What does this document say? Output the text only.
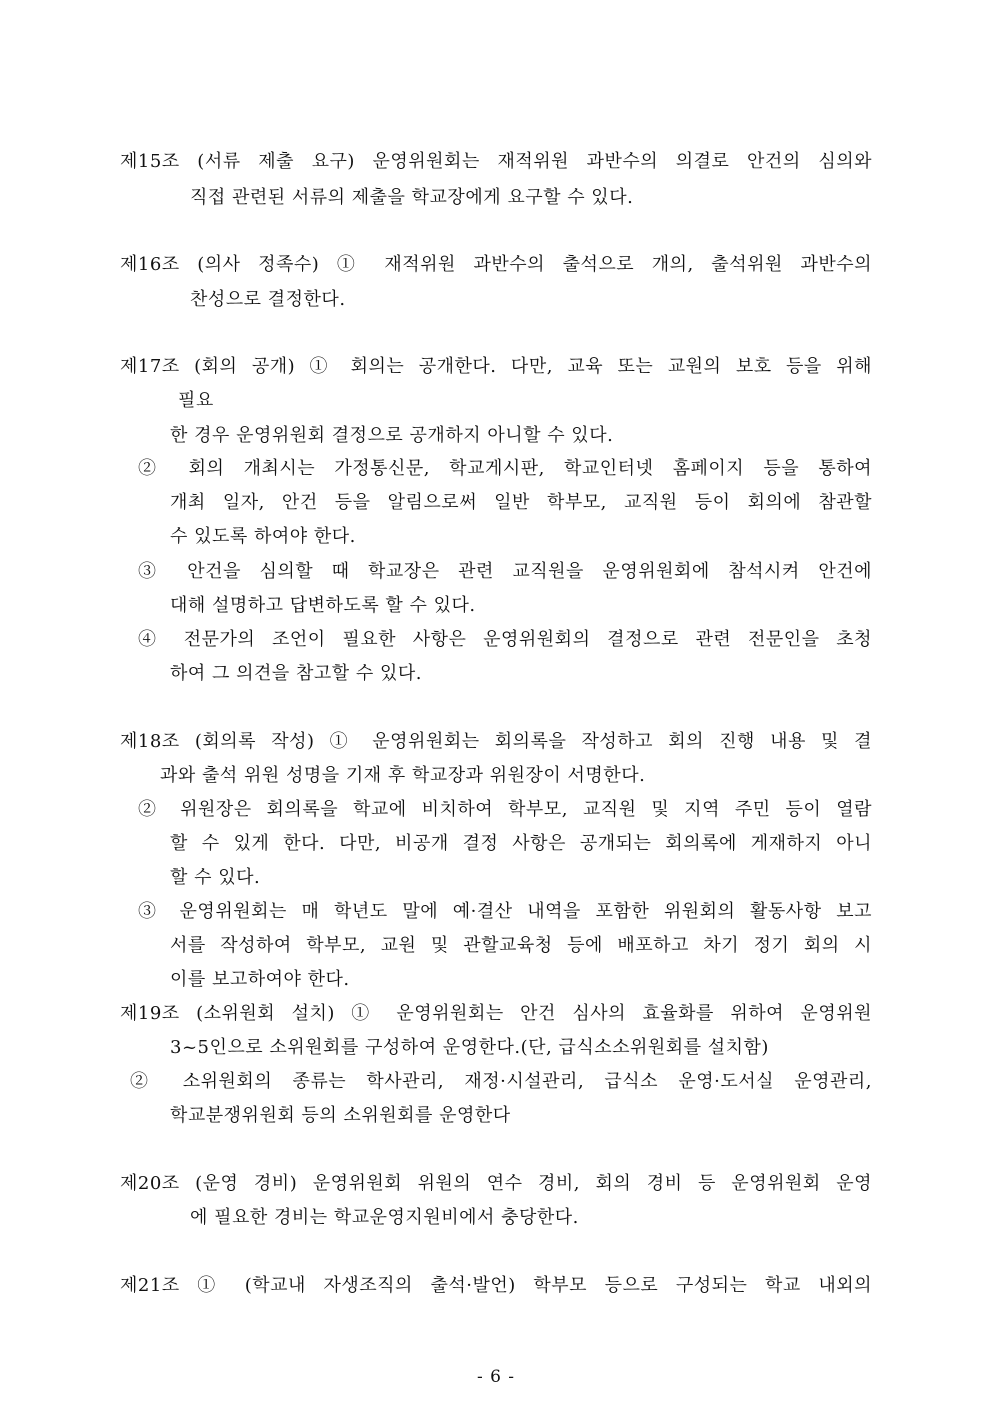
제15조 (서류 제출 요구) 운영위원회는 재적위원 과반수의 의결로 안건의 심의와
직접 관련된 서류의 제출을 학교장에게 요구할 수 있다.
제16조 (의사 정족수) ① 재적위원 과반수의 출석으로 개의, 출석위원 과반수의
찬성으로 결정한다.
제17조 (회의 공개) ① 회의는 공개한다. 다만, 교육 또는 교원의 보호 등을 위해
필요
한 경우 운영위원회 결정으로 공개하지 아니할 수 있다.
② 회의 개최시는 가정통신문, 학교게시판, 학교인터넷 홈페이지 등을 통하여
개최 일자, 안건 등을 알림으로써 일반 학부모, 교직원 등이 회의에 참관할
수 있도록 하여야 한다.
③ 안건을 심의할 때 학교장은 관련 교직원을 운영위원회에 참석시켜 안건에
대해 설명하고 답변하도록 할 수 있다.
④ 전문가의 조언이 필요한 사항은 운영위원회의 결정으로 관련 전문인을 초청
하여 그 의견을 참고할 수 있다.
제18조 (회의록 작성) ① 운영위원회는 회의록을 작성하고 회의 진행 내용 및 결
과와 출석 위원 성명을 기재 후 학교장과 위원장이 서명한다.
② 위원장은 회의록을 학교에 비치하여 학부모, 교직원 및 지역 주민 등이 열람
할 수 있게 한다. 다만, 비공개 결정 사항은 공개되는 회의록에 게재하지 아니
할 수 있다.
③ 운영위원회는 매 학년도 말에 예·결산 내역을 포함한 위원회의 활동사항 보고
서를 작성하여 학부모, 교원 및 관할교육청 등에 배포하고 차기 정기 회의 시
이를 보고하여야 한다.
제19조 (소위원회 설치) ① 운영위원회는 안건 심사의 효율화를 위하여 운영위원
3~5인으로 소위원회를 구성하여 운영한다.(단, 급식소소위원회를 설치함)
② 소위원회의 종류는 학사관리, 재정·시설관리, 급식소 운영·도서실 운영관리,
학교분쟁위원회 등의 소위원회를 운영한다
제20조 (운영 경비) 운영위원회 위원의 연수 경비, 회의 경비 등 운영위원회 운영
에 필요한 경비는 학교운영지원비에서 충당한다.
제21조 ① (학교내 자생조직의 출석·발언) 학부모 등으로 구성되는 학교 내외의
- 6 -
